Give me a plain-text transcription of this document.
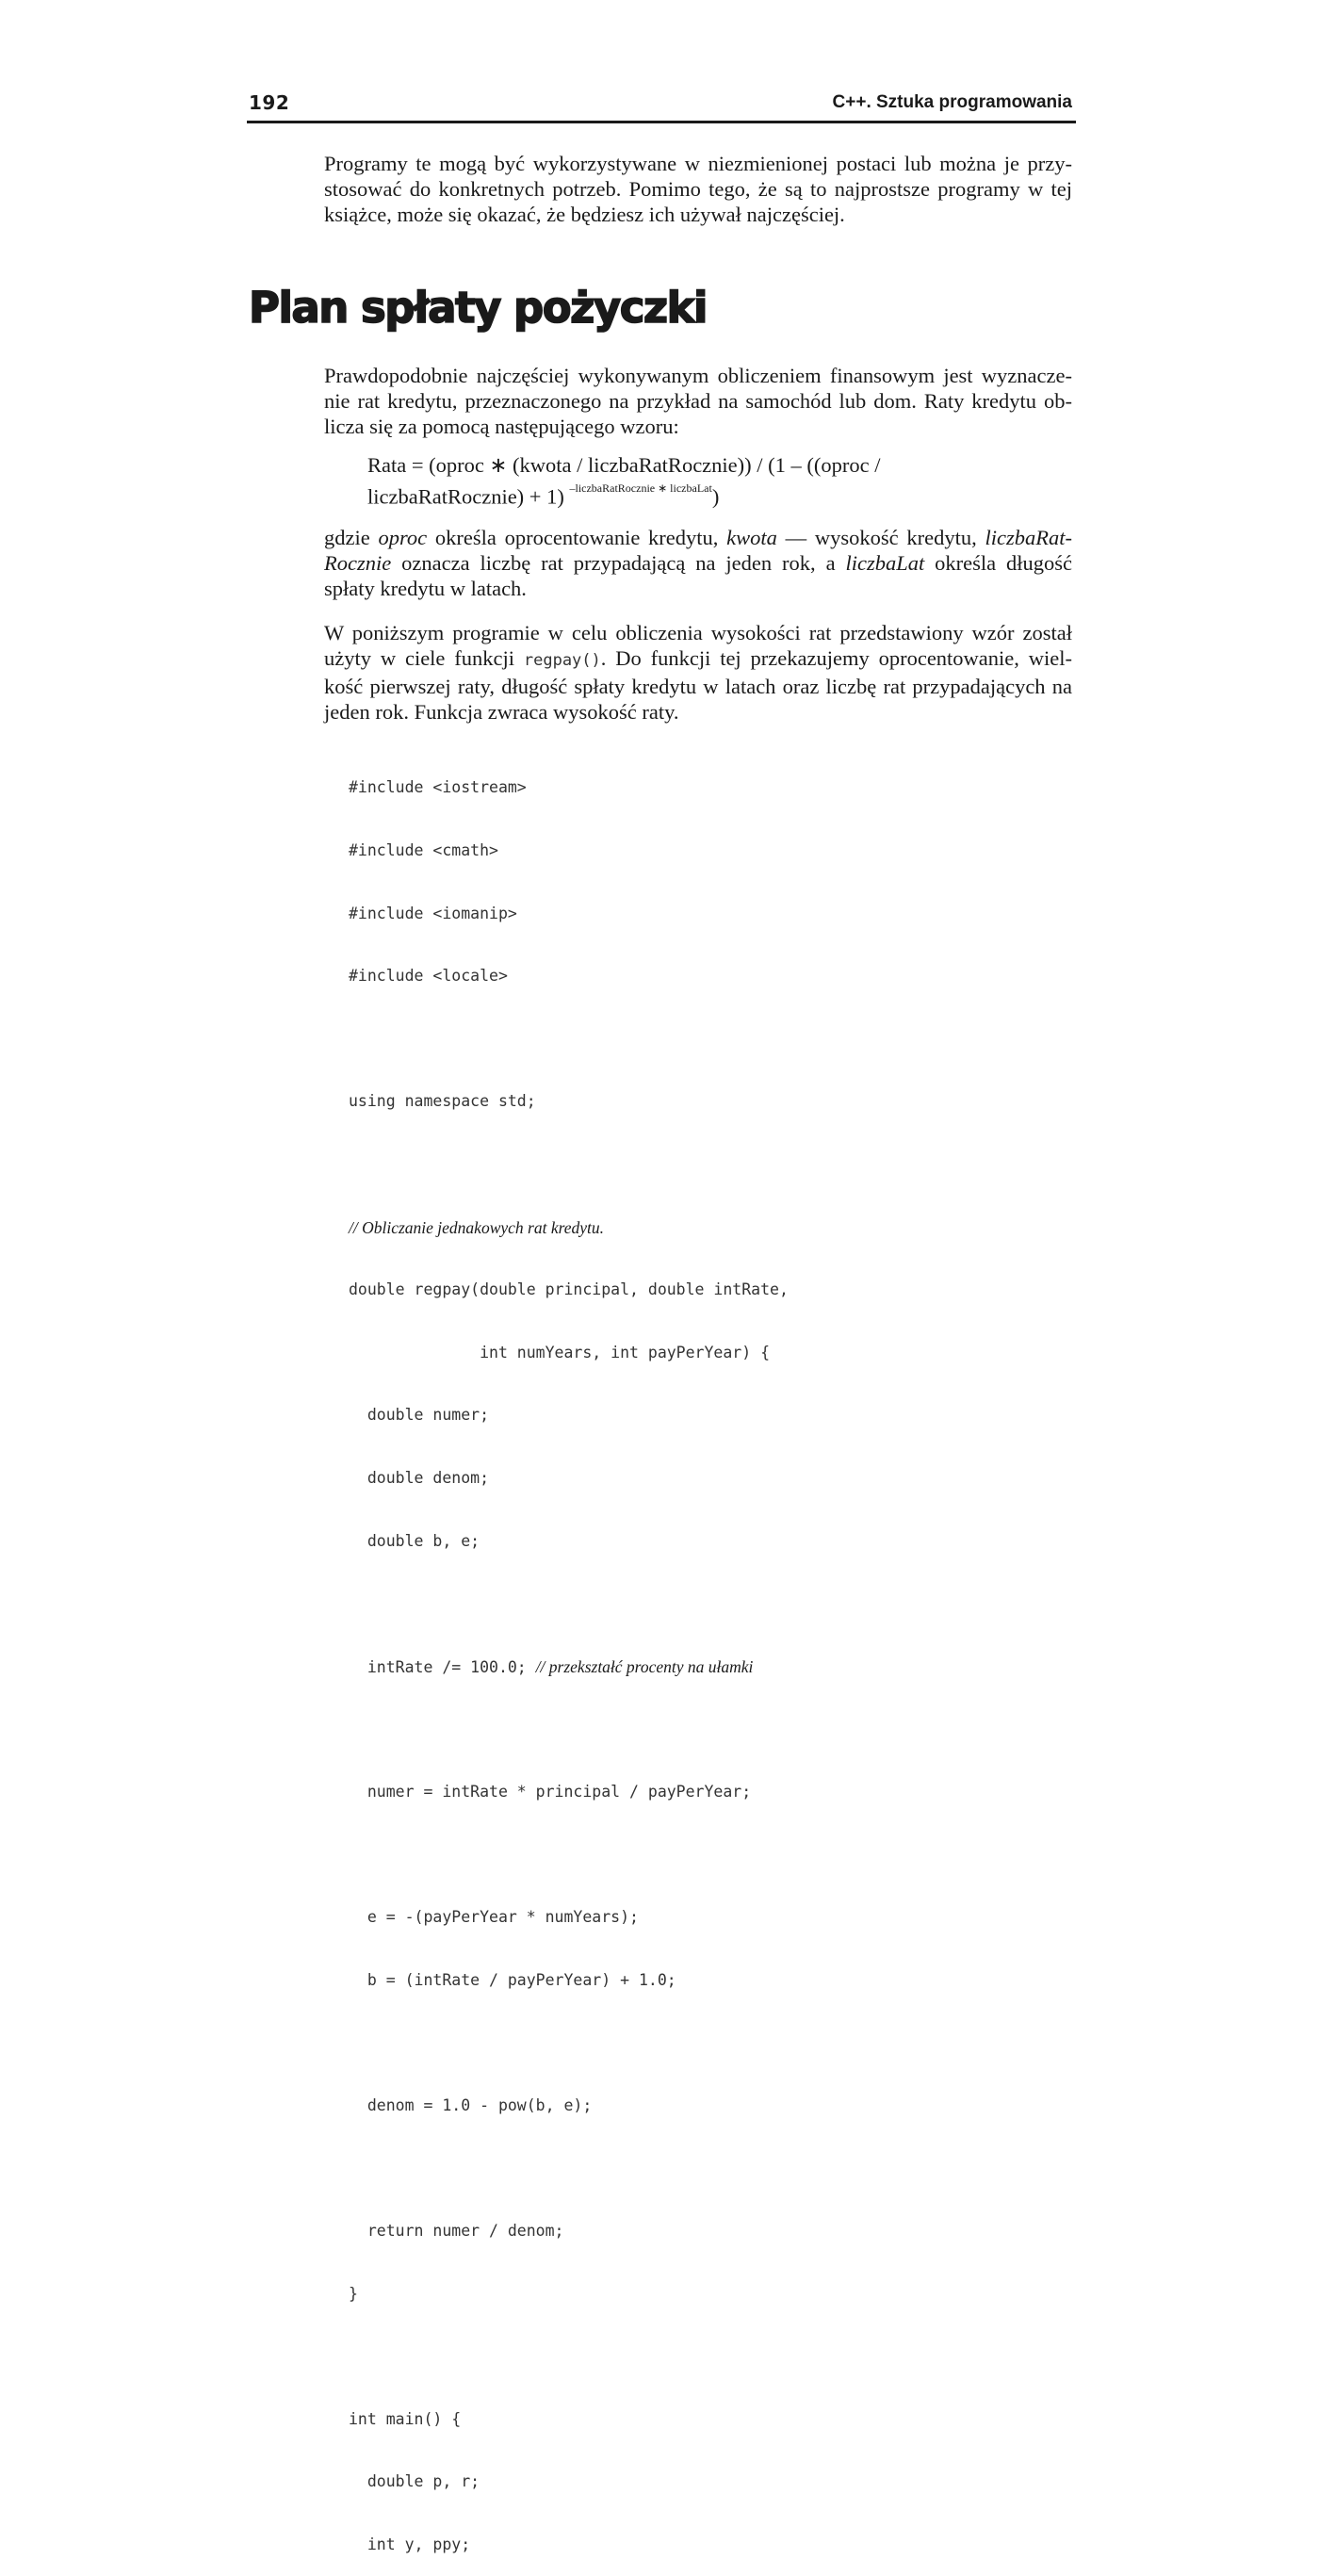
192	C++. Sztuka programowania

Programy te mogą być wykorzystywane w niezmienionej postaci lub można je przy-
stosować do konkretnych potrzeb. Pomimo tego, że są to najprostsze programy w tej
książce, może się okazać, że będziesz ich używał najczęściej.

Plan spłaty pożyczki

Prawdopodobnie najczęściej wykonywanym obliczeniem finansowym jest wyznacze-
nie rat kredytu, przeznaczonego na przykład na samochód lub dom. Raty kredytu ob-
licza się za pomocą następującego wzoru:

Rata = (oproc ∗ (kwota / liczbaRatRocznie)) / (1 – ((oproc /
liczbaRatRocznie) + 1) $^{-liczbaRatRocznie ∗ liczbaLat}$)

gdzie oproc określa oprocentowanie kredytu, kwota — wysokość kredytu, liczbaRat-
Rocznie oznacza liczbę rat przypadającą na jeden rok, a liczbaLat określa długość
spłaty kredytu w latach.

W poniższym programie w celu obliczenia wysokości rat przedstawiony wzór został
użyty w ciele funkcji regpay(). Do funkcji tej przekazujemy oprocentowanie, wiel-
kość pierwszej raty, długość spłaty kredytu w latach oraz liczbę rat przypadających na
jeden rok. Funkcja zwraca wysokość raty.

#include <iostream>

#include <cmath>

#include <iomanip>

#include <locale>

using namespace std;

// Obliczanie jednakowych rat kredytu.

double regpay(double principal, double intRate,

int numYears, int payPerYear) {

double numer;

double denom;

double b, e;

intRate /= 100.0; // przekształć procenty na ułamki

numer = intRate * principal / payPerYear;

e = -(payPerYear * numYears);

b = (intRate / payPerYear) + 1.0;

denom = 1.0 - pow(b, e);

return numer / denom;

}

int main() {

double p, r;

int y, ppy;
